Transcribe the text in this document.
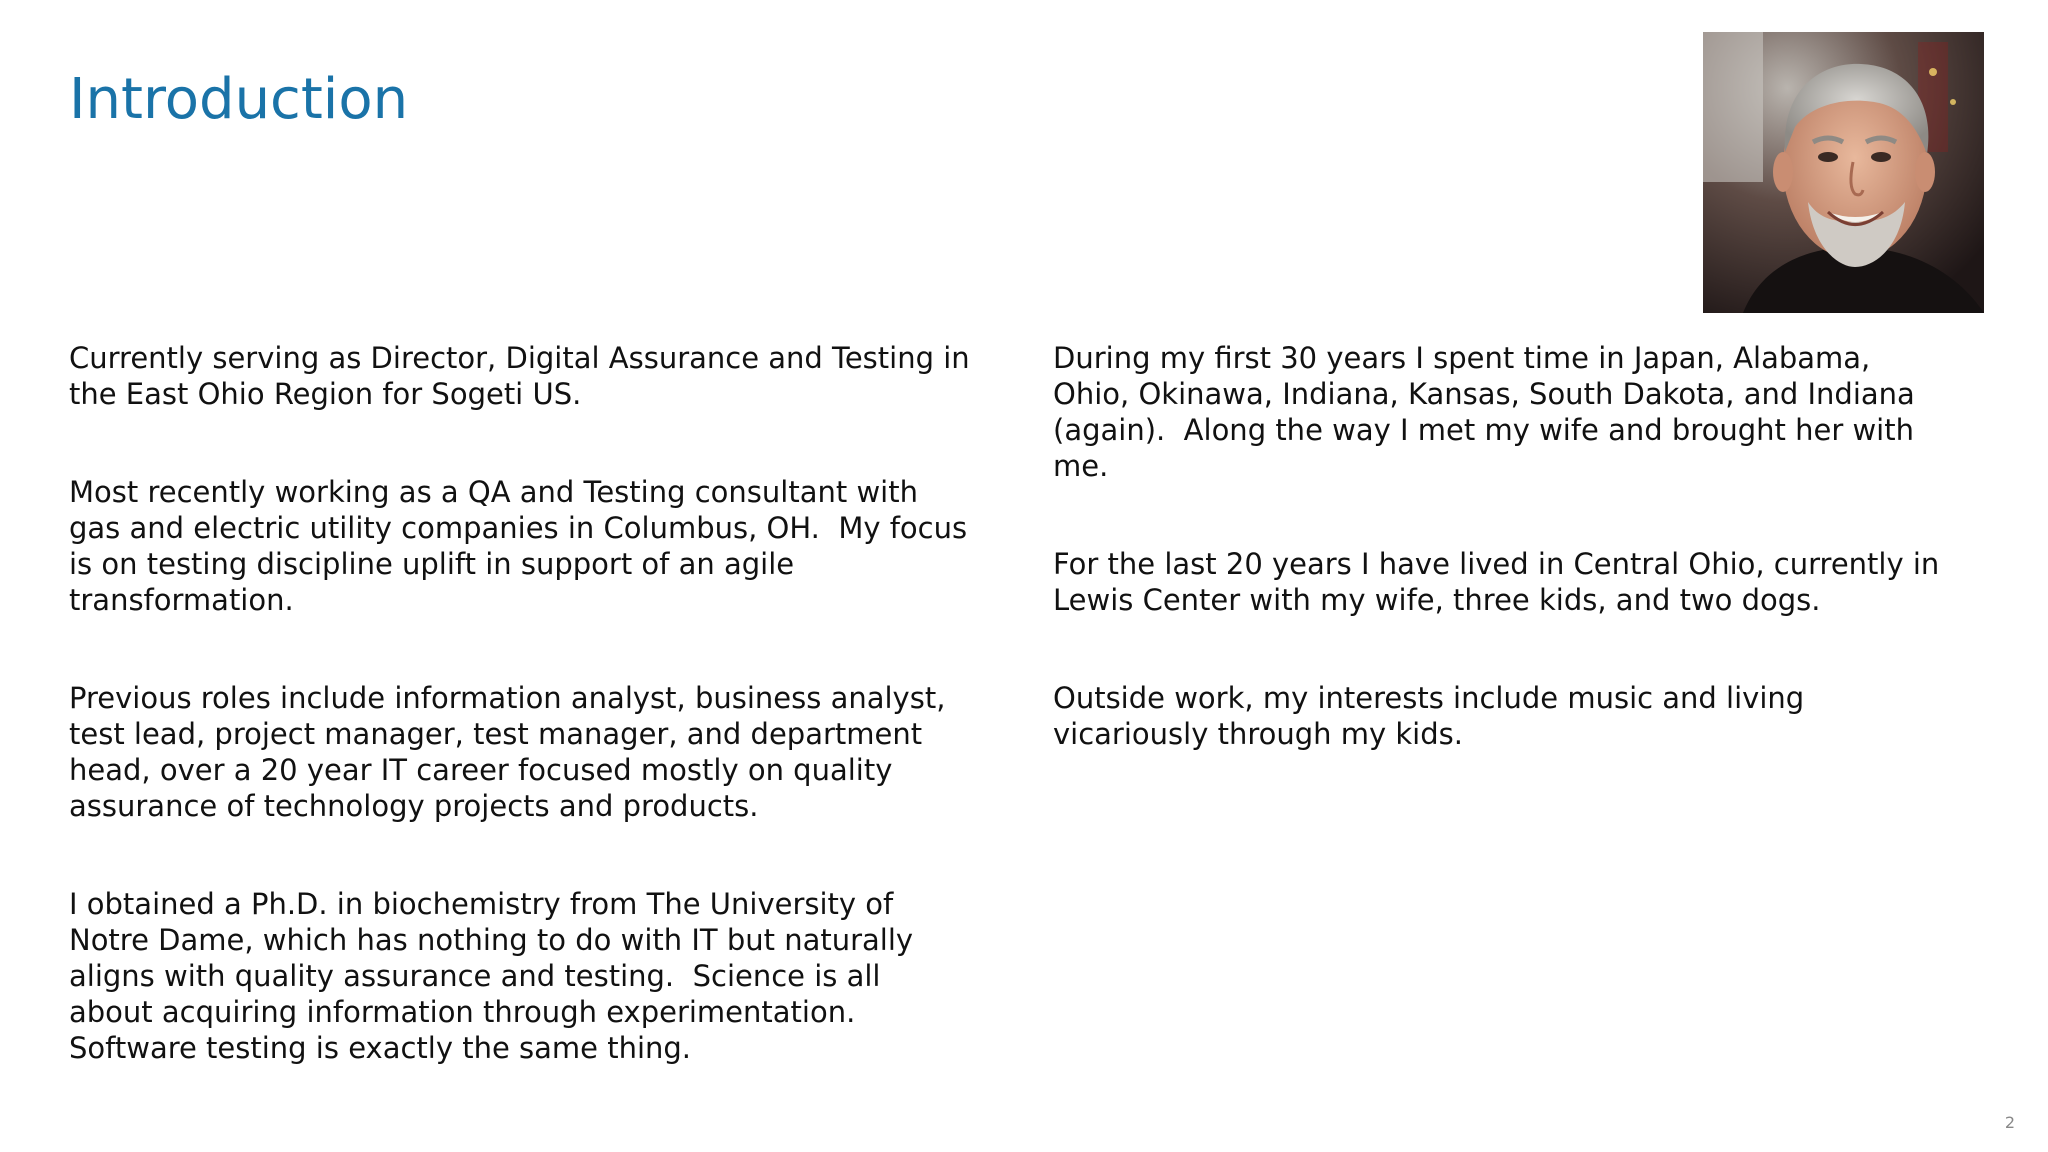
Introduction

Currently serving as Director, Digital Assurance and Testing in
the East Ohio Region for Sogeti US.

Most recently working as a QA and Testing consultant with
gas and electric utility companies in Columbus, OH.  My focus
is on testing discipline uplift in support of an agile
transformation.

Previous roles include information analyst, business analyst,
test lead, project manager, test manager, and department
head, over a 20 year IT career focused mostly on quality
assurance of technology projects and products.

I obtained a Ph.D. in biochemistry from The University of
Notre Dame, which has nothing to do with IT but naturally
aligns with quality assurance and testing.  Science is all
about acquiring information through experimentation.
Software testing is exactly the same thing.

During my first 30 years I spent time in Japan, Alabama,
Ohio, Okinawa, Indiana, Kansas, South Dakota, and Indiana
(again).  Along the way I met my wife and brought her with
me.

For the last 20 years I have lived in Central Ohio, currently in
Lewis Center with my wife, three kids, and two dogs.

Outside work, my interests include music and living
vicariously through my kids.

2
